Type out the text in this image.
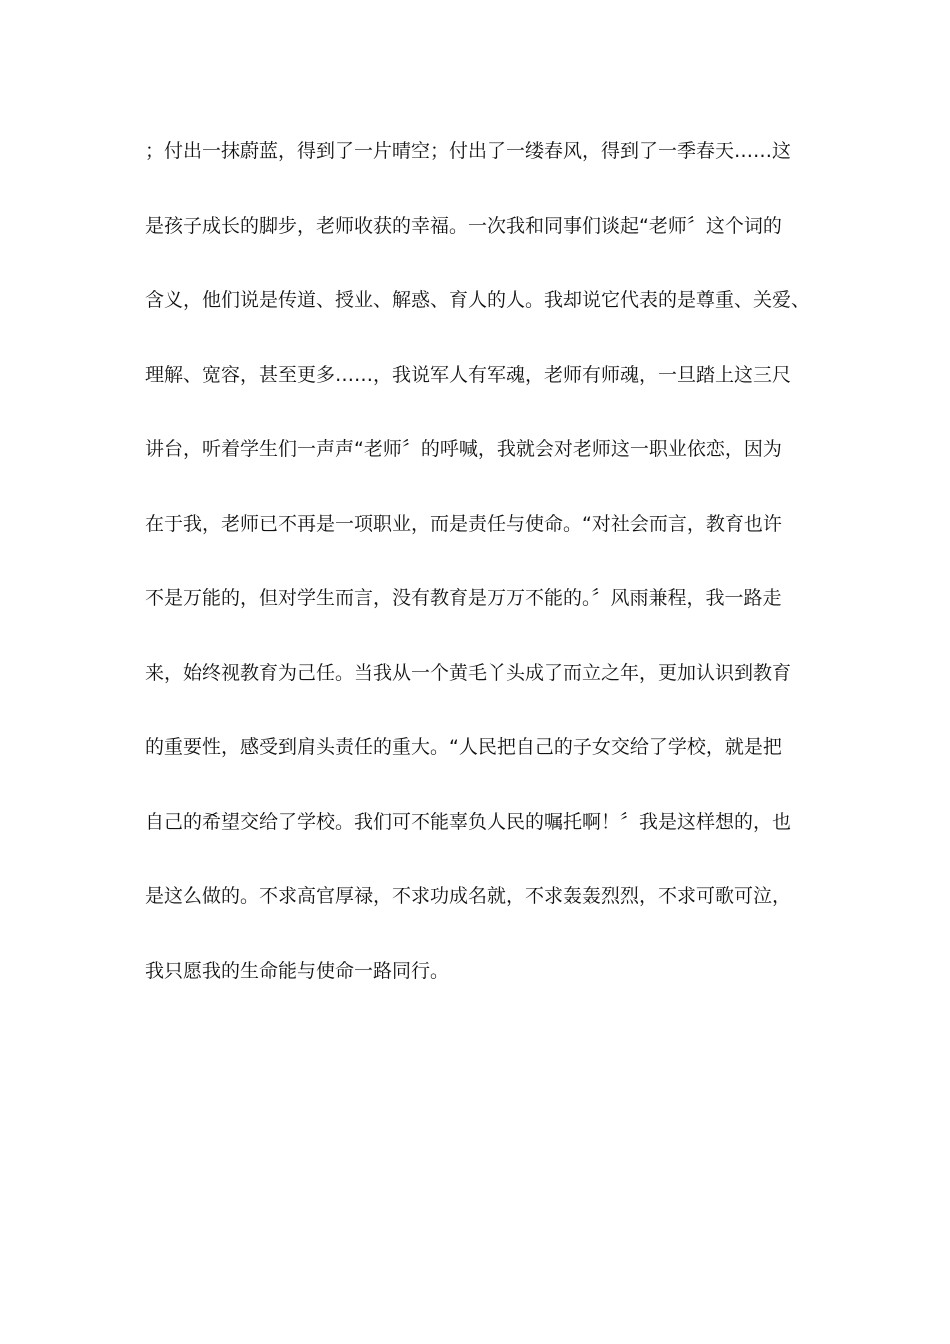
；付出一抹蔚蓝，得到了一片晴空；付出了一缕春风，得到了一季春天……这
是孩子成长的脚步，老师收获的幸福。一次我和同事们谈起“老师〞这个词的
含义，他们说是传道、授业、解惑、育人的人。我却说它代表的是尊重、关爱、
理解、宽容，甚至更多……，我说军人有军魂，老师有师魂，一旦踏上这三尺
讲台，听着学生们一声声“老师〞的呼喊，我就会对老师这一职业依恋，因为
在于我，老师已不再是一项职业，而是责任与使命。“对社会而言，教育也许
不是万能的，但对学生而言，没有教育是万万不能的。〞风雨兼程，我一路走
来，始终视教育为己任。当我从一个黄毛丫头成了而立之年，更加认识到教育
的重要性，感受到肩头责任的重大。“人民把自己的子女交给了学校，就是把
自己的希望交给了学校。我们可不能辜负人民的嘱托啊！〞我是这样想的，也
是这么做的。不求高官厚禄，不求功成名就，不求轰轰烈烈，不求可歌可泣，
我只愿我的生命能与使命一路同行。
